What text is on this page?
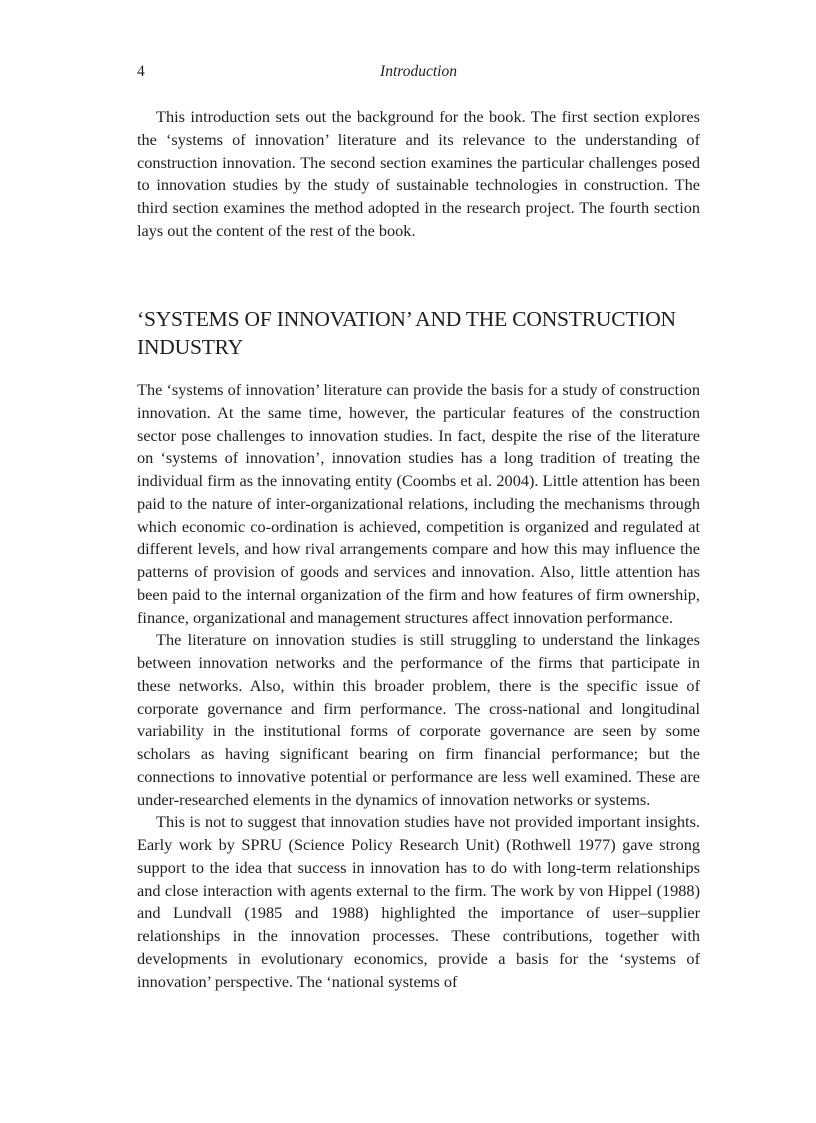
4	Introduction

This introduction sets out the background for the book. The first section explores the ‘systems of innovation’ literature and its relevance to the understanding of construction innovation. The second section examines the particular challenges posed to innovation studies by the study of sustainable technologies in construction. The third section examines the method adopted in the research project. The fourth section lays out the content of the rest of the book.

‘SYSTEMS OF INNOVATION’ AND THE CONSTRUCTION INDUSTRY

The ‘systems of innovation’ literature can provide the basis for a study of construction innovation. At the same time, however, the particular features of the construction sector pose challenges to innovation studies. In fact, despite the rise of the literature on ‘systems of innovation’, innovation studies has a long tradition of treating the individual firm as the innovating entity (Coombs et al. 2004). Little attention has been paid to the nature of inter-organizational relations, including the mechanisms through which economic co-ordination is achieved, competition is organized and regulated at different levels, and how rival arrangements compare and how this may influence the patterns of provision of goods and services and innovation. Also, little attention has been paid to the internal organization of the firm and how features of firm ownership, finance, organizational and management structures affect innovation performance.

The literature on innovation studies is still struggling to understand the linkages between innovation networks and the performance of the firms that participate in these networks. Also, within this broader problem, there is the specific issue of corporate governance and firm performance. The cross-national and longitudinal variability in the institutional forms of corporate governance are seen by some scholars as having significant bearing on firm financial performance; but the connections to innovative potential or performance are less well examined. These are under-researched elements in the dynamics of innovation networks or systems.

This is not to suggest that innovation studies have not provided important insights. Early work by SPRU (Science Policy Research Unit) (Rothwell 1977) gave strong support to the idea that success in innovation has to do with long-term relationships and close interaction with agents external to the firm. The work by von Hippel (1988) and Lundvall (1985 and 1988) highlighted the importance of user–supplier relationships in the innovation processes. These contributions, together with developments in evolutionary economics, provide a basis for the ‘systems of innovation’ perspective. The ‘national systems of
